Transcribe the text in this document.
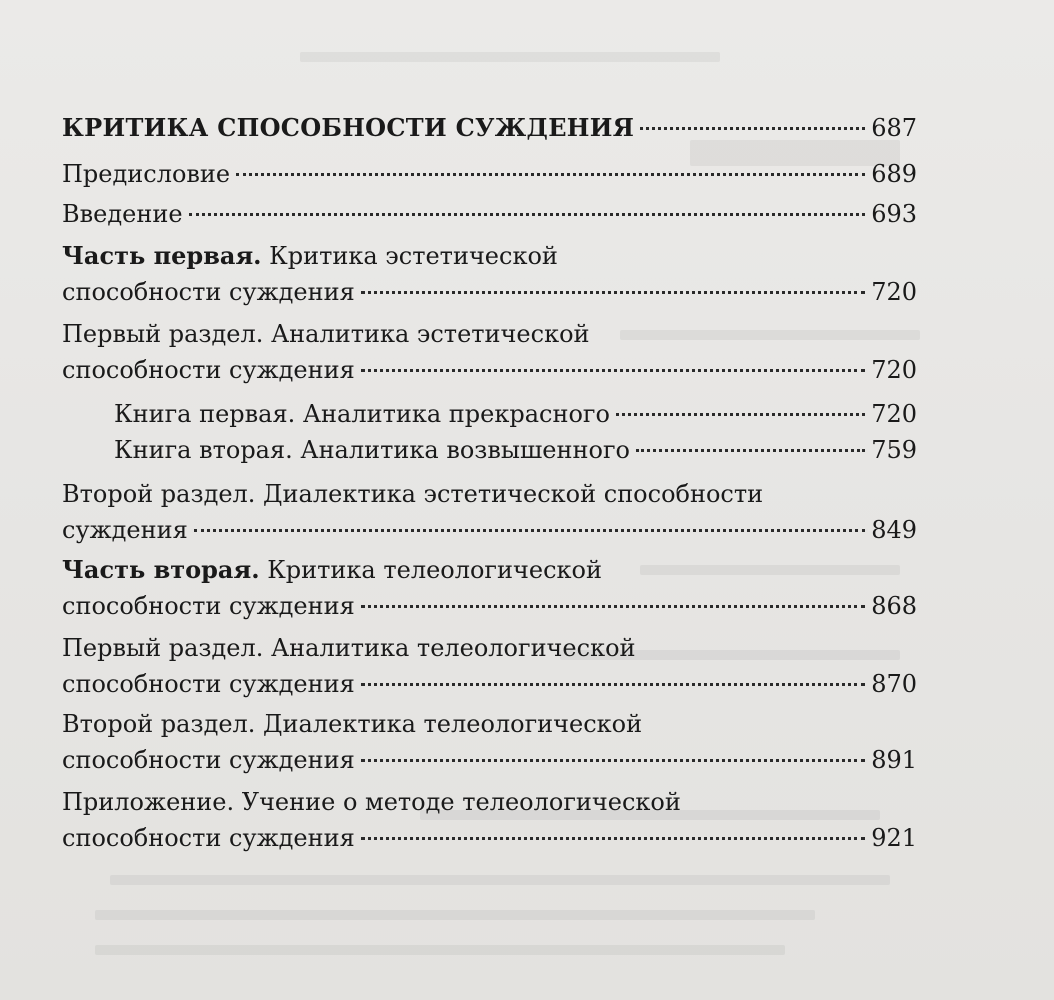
КРИТИКА СПОСОБНОСТИ СУЖДЕНИЯ	687
Предисловие	689
Введение	693
Часть первая. Критика эстетической
способности суждения	720
Первый раздел. Аналитика эстетической
способности суждения	720
Книга первая. Аналитика прекрасного	720
Книга вторая. Аналитика возвышенного	759
Второй раздел. Диалектика эстетической способности
суждения	849
Часть вторая. Критика телеологической
способности суждения	868
Первый раздел. Аналитика телеологической
способности суждения	870
Второй раздел. Диалектика телеологической
способности суждения	891
Приложение. Учение о методе телеологической
способности суждения	921
